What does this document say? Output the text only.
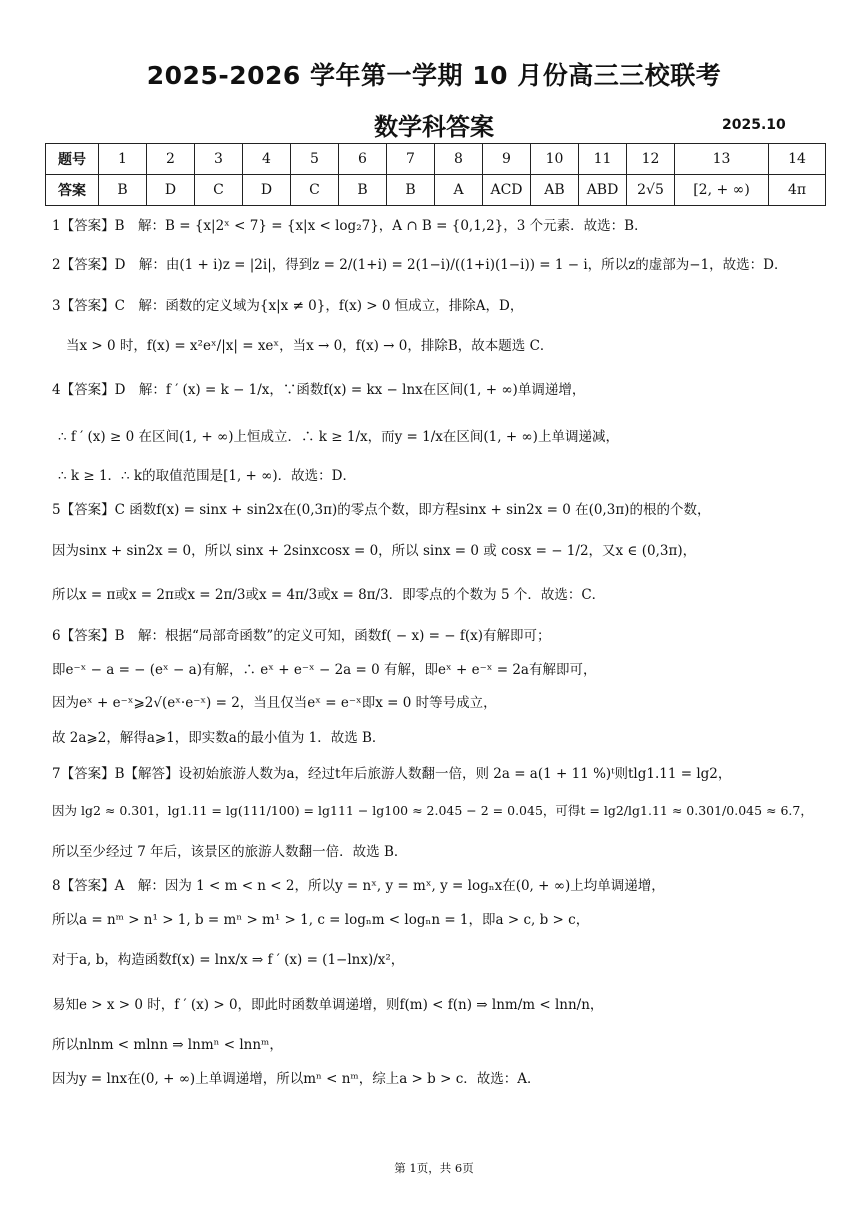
2025-2026 学年第一学期 10 月份高三三校联考
数学科答案	2025.10
题号	1	2	3	4	5	6	7	8	9	10	11	12	13	14
答案	B	D	C	D	C	B	B	A	ACD	AB	ABD	2√5	[2, + ∞)	4π
1【答案】B　解：B = {x|2ˣ < 7} = {x|x < log₂7}，A ∩ B = {0,1,2}，3 个元素．故选：B．
2【答案】D　解：由(1 + i)z = |2i|，得到z = 2/(1+i) = 2(1−i)/((1+i)(1−i)) = 1 − i，所以z的虚部为−1，故选：D．
3【答案】C　解：函数的定义域为{x|x ≠ 0}，f(x) > 0 恒成立，排除A，D，
当x > 0 时，f(x) = x²eˣ/|x| = xeˣ，当x → 0，f(x) → 0，排除B，故本题选 C．
4【答案】D　解：f ′ (x) = k − 1/x，∵函数f(x) = kx − lnx在区间(1, + ∞)单调递增，
∴ f ′ (x) ≥ 0 在区间(1, + ∞)上恒成立．∴ k ≥ 1/x，而y = 1/x在区间(1, + ∞)上单调递减，
∴ k ≥ 1．∴ k的取值范围是[1, + ∞)．故选：D．
5【答案】C 函数f(x) = sinx + sin2x在(0,3π)的零点个数，即方程sinx + sin2x = 0 在(0,3π)的根的个数，
因为sinx + sin2x = 0，所以 sinx + 2sinxcosx = 0，所以 sinx = 0 或 cosx = − 1/2，又x ∈ (0,3π)，
所以x = π或x = 2π或x = 2π/3或x = 4π/3或x = 8π/3．即零点的个数为 5 个．故选：C．
6【答案】B　解：根据“局部奇函数”的定义可知，函数f( − x) = − f(x)有解即可；
即e⁻ˣ − a = − (eˣ − a)有解，∴ eˣ + e⁻ˣ − 2a = 0 有解，即eˣ + e⁻ˣ = 2a有解即可，
因为eˣ + e⁻ˣ⩾2√(eˣ·e⁻ˣ) = 2，当且仅当eˣ = e⁻ˣ即x = 0 时等号成立，
故 2a⩾2，解得a⩾1，即实数a的最小值为 1．故选 B．
7【答案】B【解答】设初始旅游人数为a，经过t年后旅游人数翻一倍，则 2a = a(1 + 11 %)ᵗ则tlg1.11 = lg2，
因为 lg2 ≈ 0.301，lg1.11 = lg(111/100) = lg111 − lg100 ≈ 2.045 − 2 = 0.045，可得t = lg2/lg1.11 ≈ 0.301/0.045 ≈ 6.7，
所以至少经过 7 年后，该景区的旅游人数翻一倍．故选 B．
8【答案】A　解：因为 1 < m < n < 2，所以y = nˣ, y = mˣ, y = logₙx在(0, + ∞)上均单调递增，
所以a = nᵐ > n¹ > 1, b = mⁿ > m¹ > 1, c = logₙm < logₙn = 1，即a > c, b > c，
对于a, b，构造函数f(x) = lnx/x ⇒ f ′ (x) = (1−lnx)/x²，
易知e > x > 0 时，f ′ (x) > 0，即此时函数单调递增，则f(m) < f(n) ⇒ lnm/m < lnn/n，
所以nlnm < mlnn ⇒ lnmⁿ < lnnᵐ，
因为y = lnx在(0, + ∞)上单调递增，所以mⁿ < nᵐ，综上a > b > c．故选：A．
第 1页，共 6页
